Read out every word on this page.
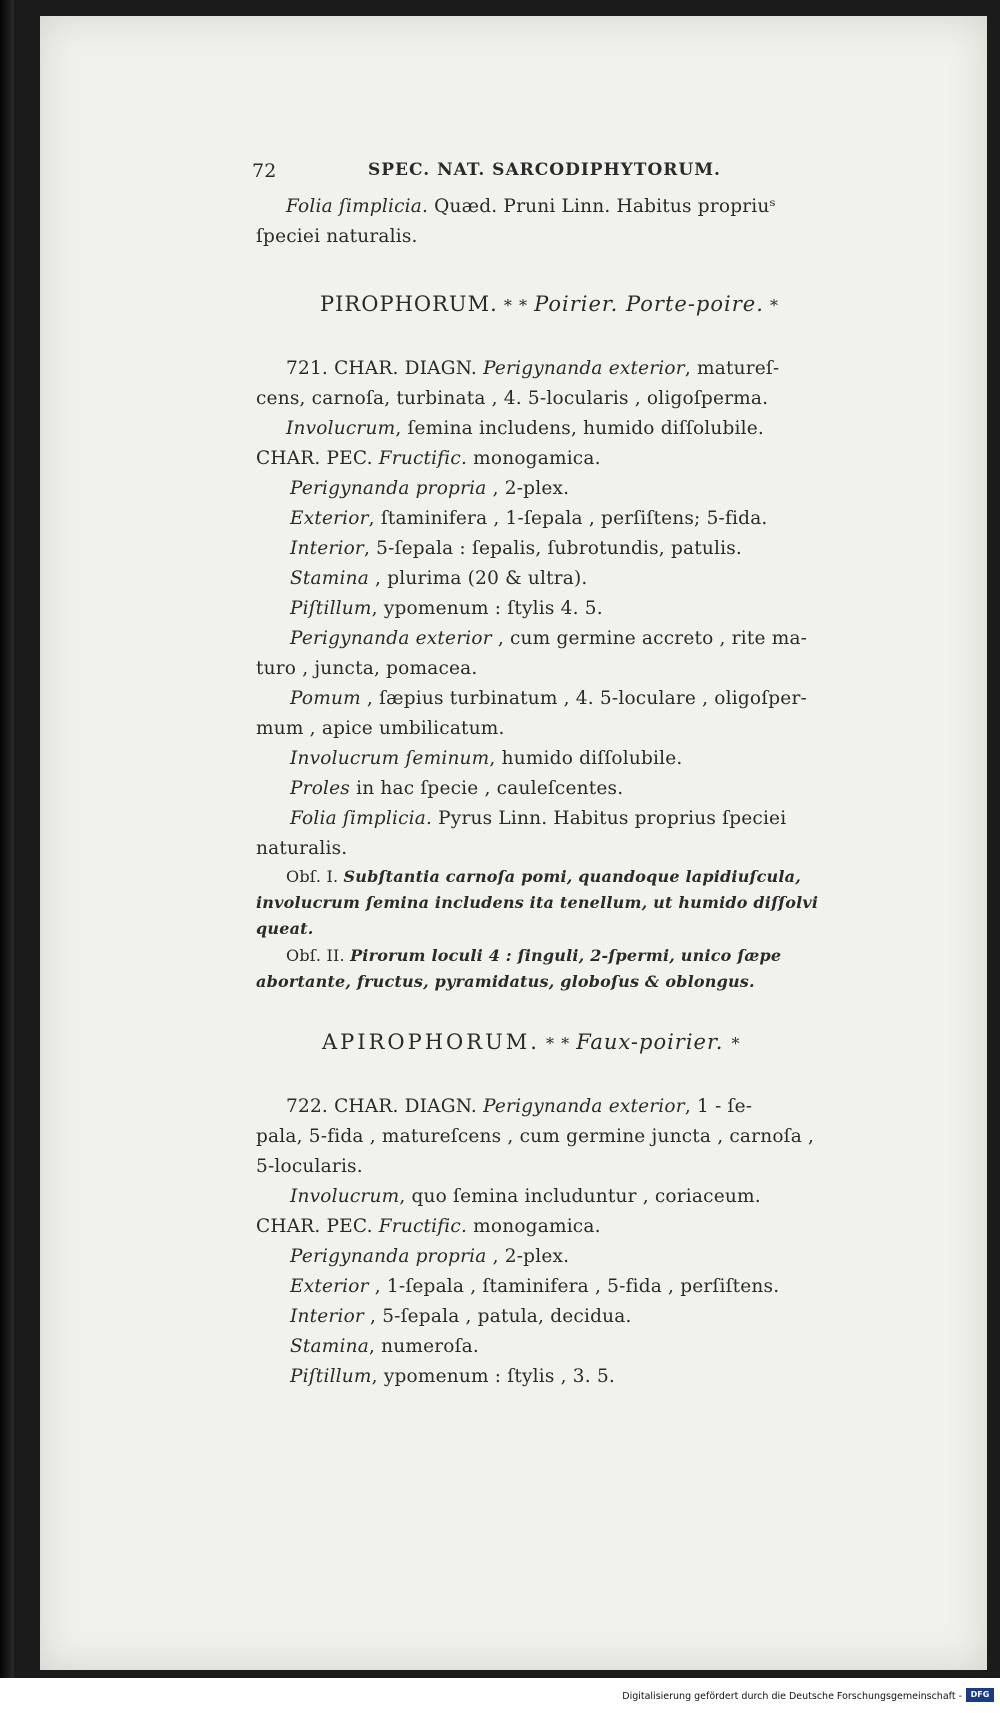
72	SPEC. NAT. SARCODIPHYTORUM.
Folia ſimplicia. Quæd. Pruni Linn. Habitus propriuˢ
ſpeciei naturalis.
PIROPHORUM. * * Poirier. Porte-poire. *
721. CHAR. DIAGN. Perigynanda exterior, matureſ-
cens, carnoſa, turbinata , 4. 5-locularis , oligoſperma.
Involucrum, ſemina includens, humido diſſolubile.
CHAR. PEC. Fructific. monogamica.
Perigynanda propria , 2-plex.
Exterior, ſtaminifera , 1-ſepala , perſiſtens; 5-fida.
Interior, 5-ſepala : ſepalis, ſubrotundis, patulis.
Stamina , plurima (20 & ultra).
Piſtillum, ypomenum : ſtylis 4. 5.
Perigynanda exterior , cum germine accreto , rite ma-
turo , juncta, pomacea.
Pomum , ſæpius turbinatum , 4. 5-loculare , oligoſper-
mum , apice umbilicatum.
Involucrum ſeminum, humido diſſolubile.
Proles in hac ſpecie , cauleſcentes.
Folia ſimplicia. Pyrus Linn. Habitus proprius ſpeciei
naturalis.
Obſ. I. Subſtantia carnoſa pomi, quandoque lapidiuſcula,
involucrum ſemina includens ita tenellum, ut humido diſſolvi
queat.
Obſ. II. Pirorum loculi 4 : ſinguli, 2-ſpermi, unico ſæpe
abortante, fructus, pyramidatus, globoſus & oblongus.
APIROPHORUM. * * Faux-poirier. *
722. CHAR. DIAGN. Perigynanda exterior, 1 - ſe-
pala, 5-fida , matureſcens , cum germine juncta , carnoſa ,
5-locularis.
Involucrum, quo ſemina includuntur , coriaceum.
CHAR. PEC. Fructific. monogamica.
Perigynanda propria , 2-plex.
Exterior , 1-ſepala , ſtaminifera , 5-fida , perſiſtens.
Interior , 5-ſepala , patula, decidua.
Stamina, numeroſa.
Piſtillum, ypomenum : ſtylis , 3. 5.
Digitalisierung gefördert durch die Deutsche Forschungsgemeinschaft -	DFG
